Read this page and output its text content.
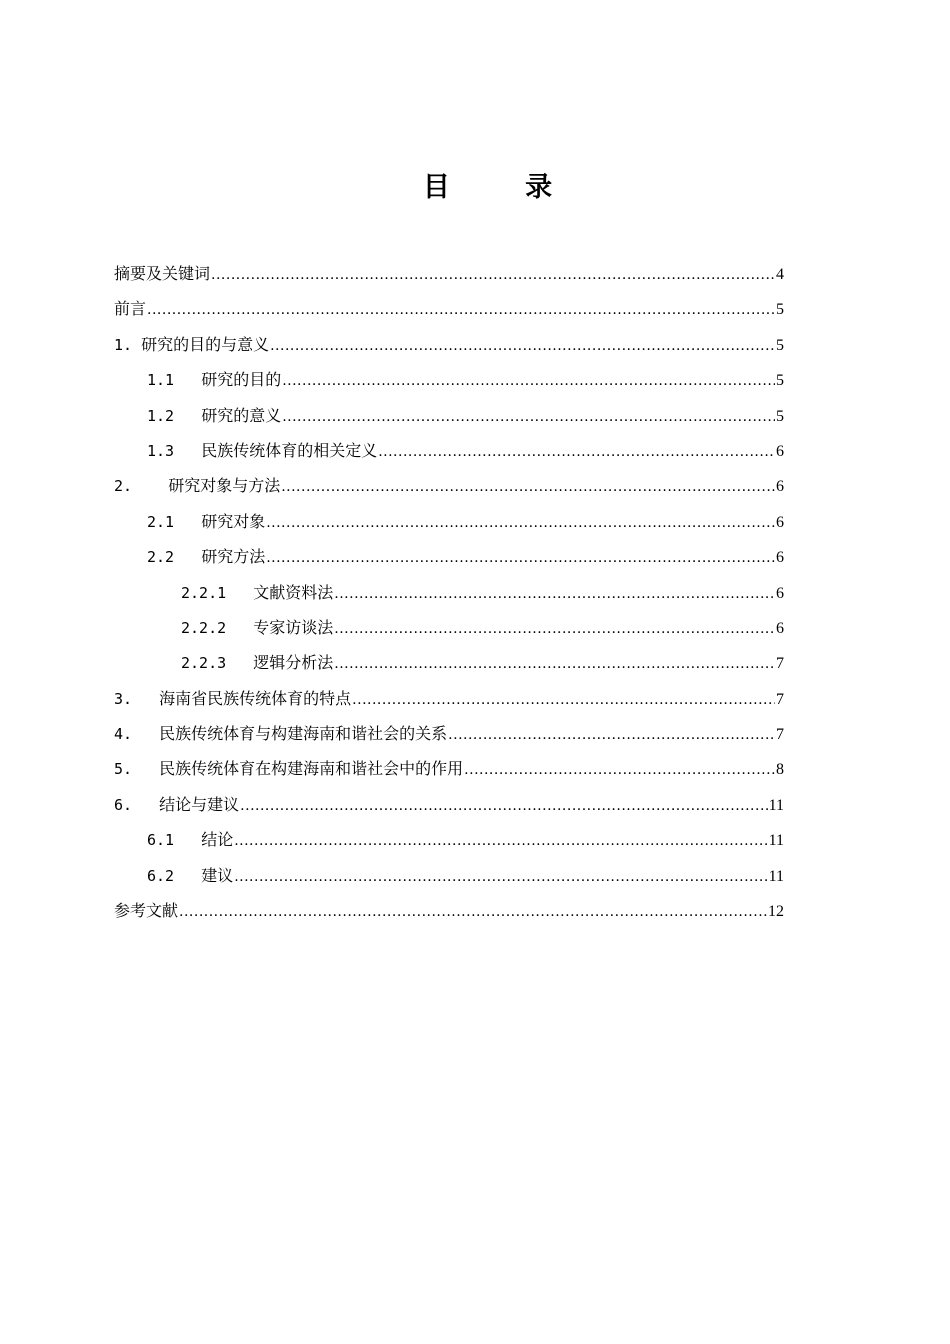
目        录
摘要及关键词 .....	4
前言 .....	5
1. 研究的目的与意义 .....	5
1.1 研究的目的 .....	5
1.2 研究的意义 .....	5
1.3 民族传统体育的相关定义 .....	6
2. 研究对象与方法 .....	6
2.1 研究对象 .....	6
2.2 研究方法 .....	6
2.2.1 文献资料法 .....	6
2.2.2 专家访谈法 .....	6
2.2.3 逻辑分析法 .....	7
3. 海南省民族传统体育的特点 .....	7
4. 民族传统体育与构建海南和谐社会的关系 .....	7
5. 民族传统体育在构建海南和谐社会中的作用 .....	8
6. 结论与建议 .....	11
6.1 结论 .....	11
6.2 建议 .....	11
参考文献 .....	12
